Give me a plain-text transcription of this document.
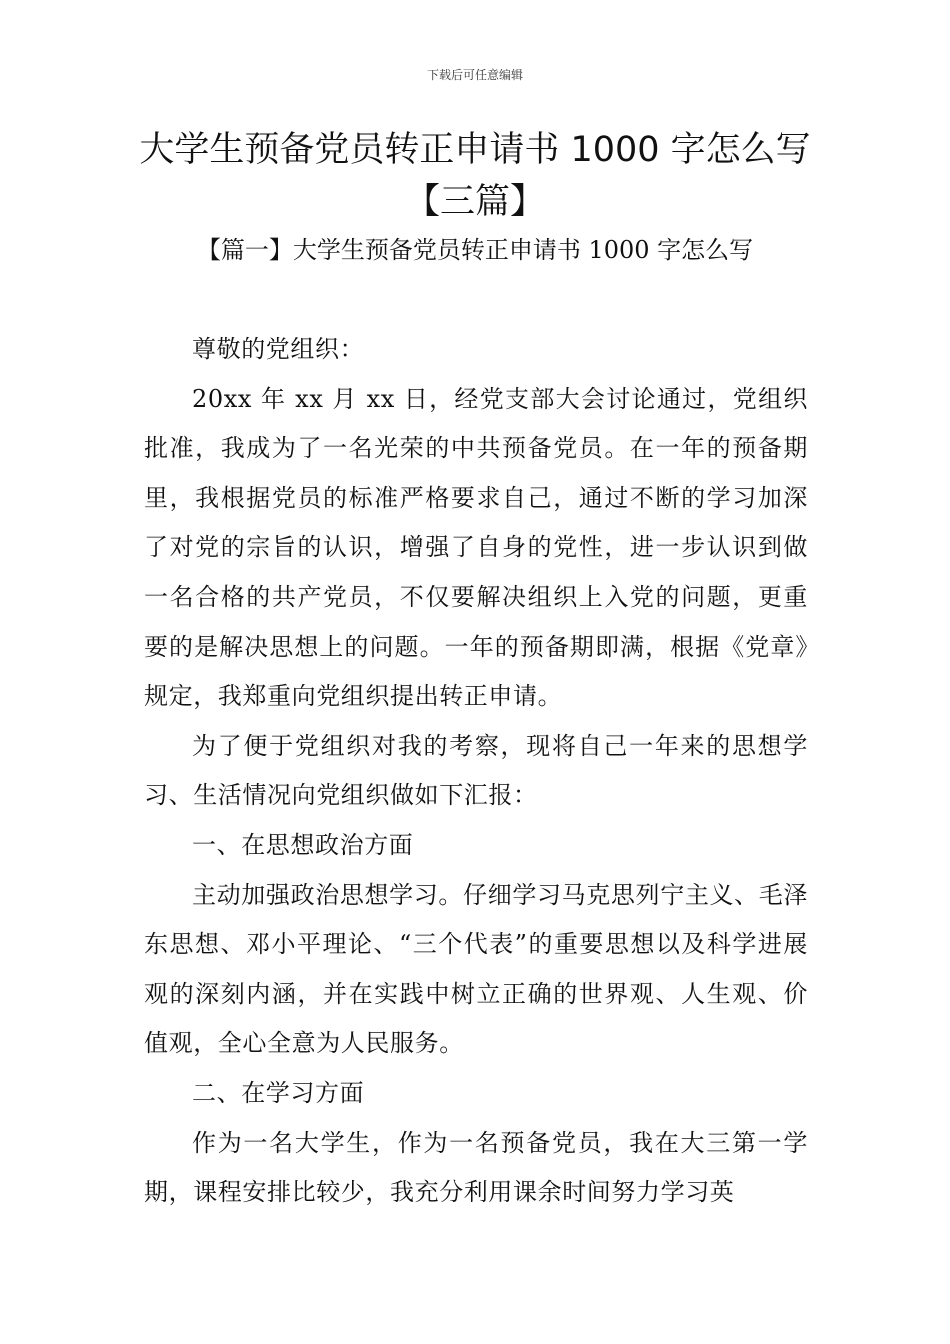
下载后可任意编辑
大学生预备党员转正申请书 1000 字怎么写
【三篇】
【篇一】大学生预备党员转正申请书 1000 字怎么写

尊敬的党组织：

20xx 年 xx 月 xx 日，经党支部大会讨论通过，党组织批准，我成为了一名光荣的中共预备党员。在一年的预备期里，我根据党员的标准严格要求自己，通过不断的学习加深了对党的宗旨的认识，增强了自身的党性，进一步认识到做一名合格的共产党员，不仅要解决组织上入党的问题，更重要的是解决思想上的问题。一年的预备期即满，根据《党章》规定，我郑重向党组织提出转正申请。

为了便于党组织对我的考察，现将自己一年来的思想学习、生活情况向党组织做如下汇报：

一、在思想政治方面

主动加强政治思想学习。仔细学习马克思列宁主义、毛泽东思想、邓小平理论、“三个代表”的重要思想以及科学进展观的深刻内涵，并在实践中树立正确的世界观、人生观、价值观，全心全意为人民服务。

二、在学习方面

作为一名大学生，作为一名预备党员，我在大三第一学期，课程安排比较少，我充分利用课余时间努力学习英
